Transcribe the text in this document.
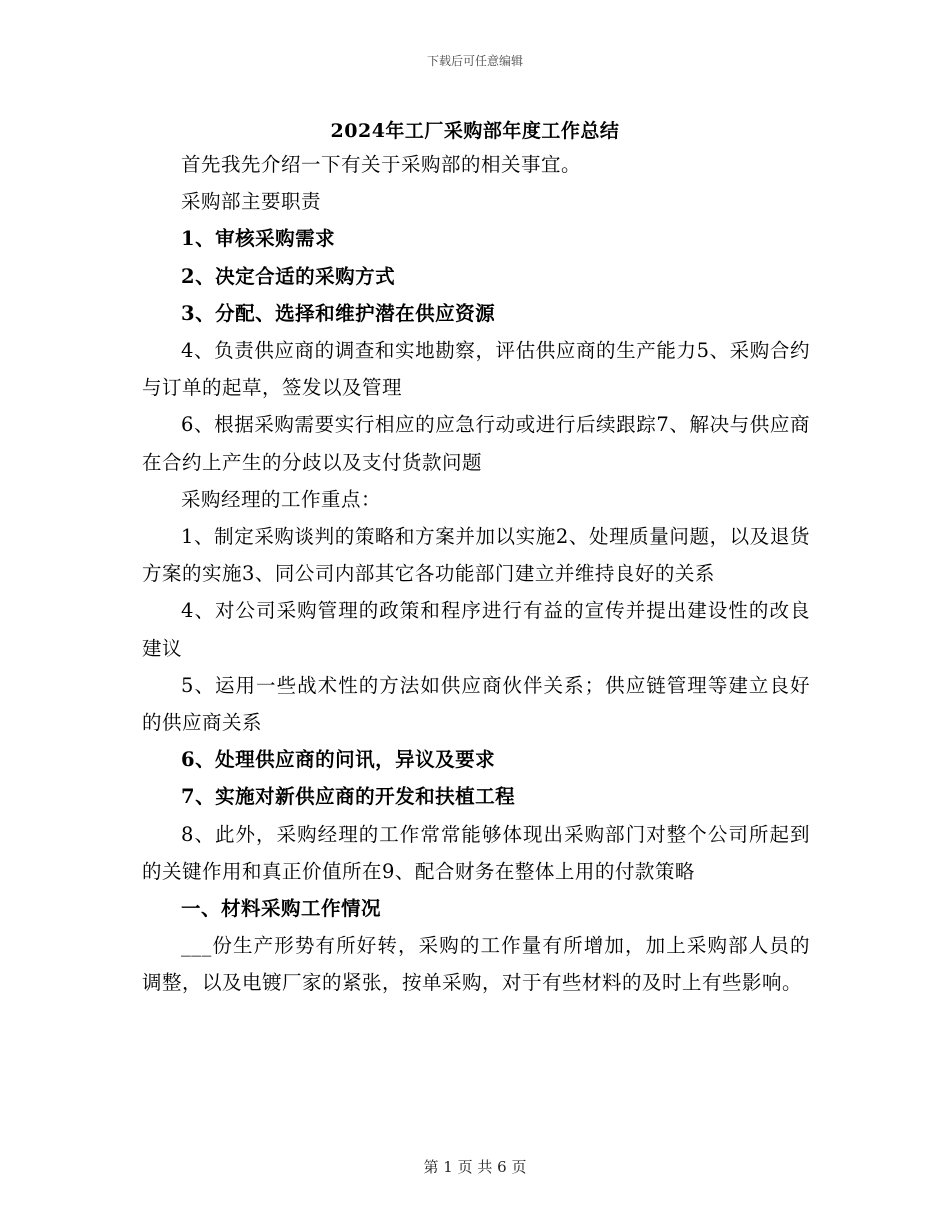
下载后可任意编辑
2024年工厂采购部年度工作总结

首先我先介绍一下有关于采购部的相关事宜。

采购部主要职责

1、审核采购需求

2、决定合适的采购方式

3、分配、选择和维护潜在供应资源

4、负责供应商的调查和实地勘察，评估供应商的生产能力5、采购合约与订单的起草，签发以及管理

6、根据采购需要实行相应的应急行动或进行后续跟踪7、解决与供应商在合约上产生的分歧以及支付货款问题

采购经理的工作重点：

1、制定采购谈判的策略和方案并加以实施2、处理质量问题，以及退货方案的实施3、同公司内部其它各功能部门建立并维持良好的关系

4、对公司采购管理的政策和程序进行有益的宣传并提出建设性的改良建议

5、运用一些战术性的方法如供应商伙伴关系；供应链管理等建立良好的供应商关系

6、处理供应商的问讯，异议及要求

7、实施对新供应商的开发和扶植工程

8、此外，采购经理的工作常常能够体现出采购部门对整个公司所起到的关键作用和真正价值所在9、配合财务在整体上用的付款策略

一、材料采购工作情况

___份生产形势有所好转，采购的工作量有所增加，加上采购部人员的调整，以及电镀厂家的紧张，按单采购，对于有些材料的及时上有些影响。

第 1 页 共 6 页
